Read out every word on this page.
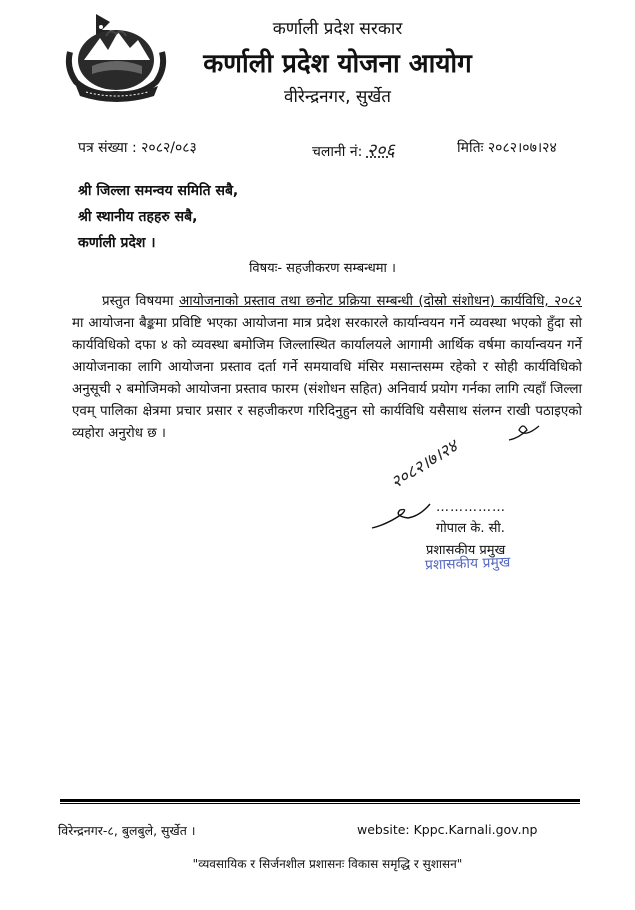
कर्णाली प्रदेश सरकार
कर्णाली प्रदेश योजना आयोग
वीरेन्द्रनगर, सुर्खेत
पत्र संख्या : २०८२/०८३	चलानी नं: २०६	मितिः २०८२।०७।२४
श्री जिल्ला समन्वय समिति सबै,
श्री स्थानीय तहहरु सबै,
कर्णाली प्रदेश ।
विषयः- सहजीकरण सम्बन्धमा ।
प्रस्तुत विषयमा आयोजनाको प्रस्ताव तथा छनोट प्रक्रिया सम्बन्धी (दोस्रो संशोधन) कार्यविधि, २०८२ मा आयोजना बैङ्कमा प्रविष्टि भएका आयोजना मात्र प्रदेश सरकारले कार्यान्वयन गर्ने व्यवस्था भएको हुँदा सो कार्यविधिको दफा ४ को व्यवस्था बमोजिम जिल्लास्थित कार्यालयले आगामी आर्थिक वर्षमा कार्यान्वयन गर्ने आयोजनाका लागि आयोजना प्रस्ताव दर्ता गर्ने समयावधि मंसिर मसान्तसम्म रहेको र सोही कार्यविधिको अनुसूची २ बमोजिमको आयोजना प्रस्ताव फारम (संशोधन सहित) अनिवार्य प्रयोग गर्नका लागि त्यहाँ जिल्ला एवम् पालिका क्षेत्रमा प्रचार प्रसार र सहजीकरण गरिदिनुहुन सो कार्यविधि यसैसाथ संलग्न राखी पठाइएको व्यहोरा अनुरोध छ ।
२०८२।७।२४
……………
गोपाल के. सी.
प्रशासकीय प्रमुख
प्रशासकीय प्रमुख
विरेन्द्रनगर-८, बुलबुले, सुर्खेत ।	website: Kppc.Karnali.gov.np
"व्यवसायिक र सिर्जनशील प्रशासनः विकास समृद्धि र सुशासन"
